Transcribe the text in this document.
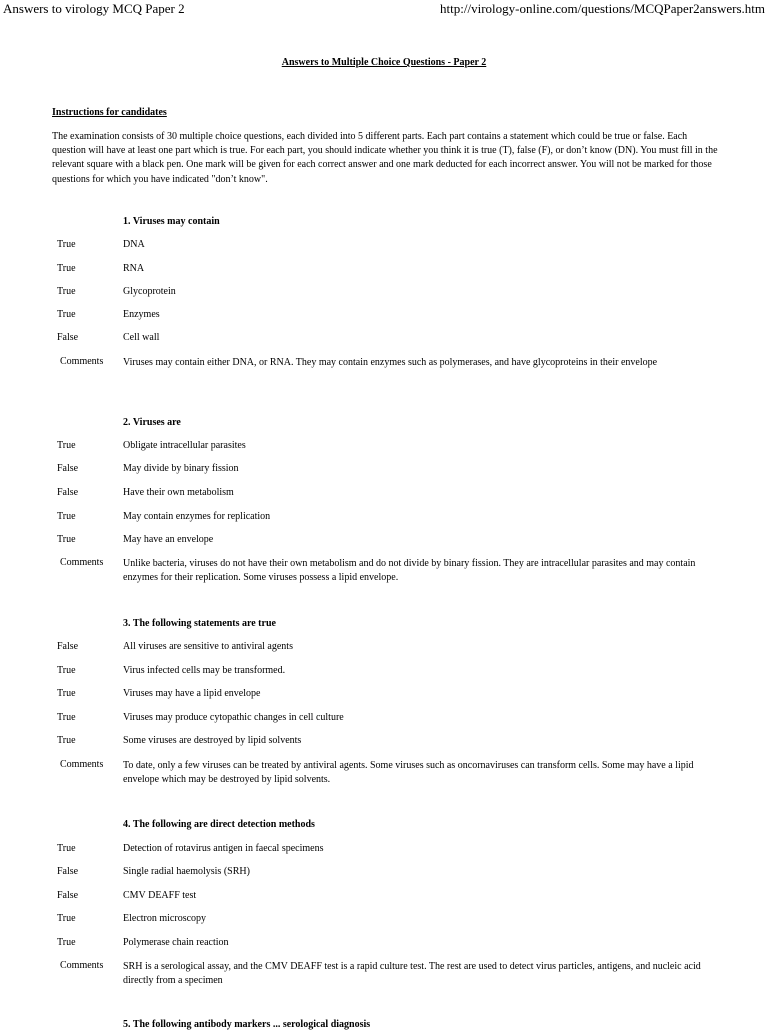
Answers to virology MCQ Paper 2	http://virology-online.com/questions/MCQPaper2answers.htm
Answers to Multiple Choice Questions - Paper 2
Instructions for candidates
The examination consists of 30 multiple choice questions, each divided into 5 different parts. Each part contains a statement which could be true or false. Each question will have at least one part which is true. For each part, you should indicate whether you think it is true (T), false (F), or don’t know (DN). You must fill in the relevant square with a black pen. One mark will be given for each correct answer and one mark deducted for each incorrect answer. You will not be marked for those questions for which you have indicated "don’t know".
1. Viruses may contain
True	DNA
True	RNA
True	Glycoprotein
True	Enzymes
False	Cell wall
Comments Viruses may contain either DNA, or RNA. They may contain enzymes such as polymerases, and have glycoproteins in their envelope
2. Viruses are
True	Obligate intracellular parasites
False	May divide by binary fission
False	Have their own metabolism
True	May contain enzymes for replication
True	May have an envelope
Comments Unlike bacteria, viruses do not have their own metabolism and do not divide by binary fission. They are intracellular parasites and may contain enzymes for their replication. Some viruses possess a lipid envelope.
3. The following statements are true
False	All viruses are sensitive to antiviral agents
True	Virus infected cells may be transformed.
True	Viruses may have a lipid envelope
True	Viruses may produce cytopathic changes in cell culture
True	Some viruses are destroyed by lipid solvents
Comments To date, only a few viruses can be treated by antiviral agents. Some viruses such as oncornaviruses can transform cells. Some may have a lipid envelope which may be destroyed by lipid solvents.
4. The following are direct detection methods
True	Detection of rotavirus antigen in faecal specimens
False	Single radial haemolysis (SRH)
False	CMV DEAFF test
True	Electron microscopy
True	Polymerase chain reaction
Comments SRH is a serological assay, and the CMV DEAFF test is a rapid culture test. The rest are used to detect virus particles, antigens, and nucleic acid directly from a specimen
5. The following antibody markers ... serological diagnosis
